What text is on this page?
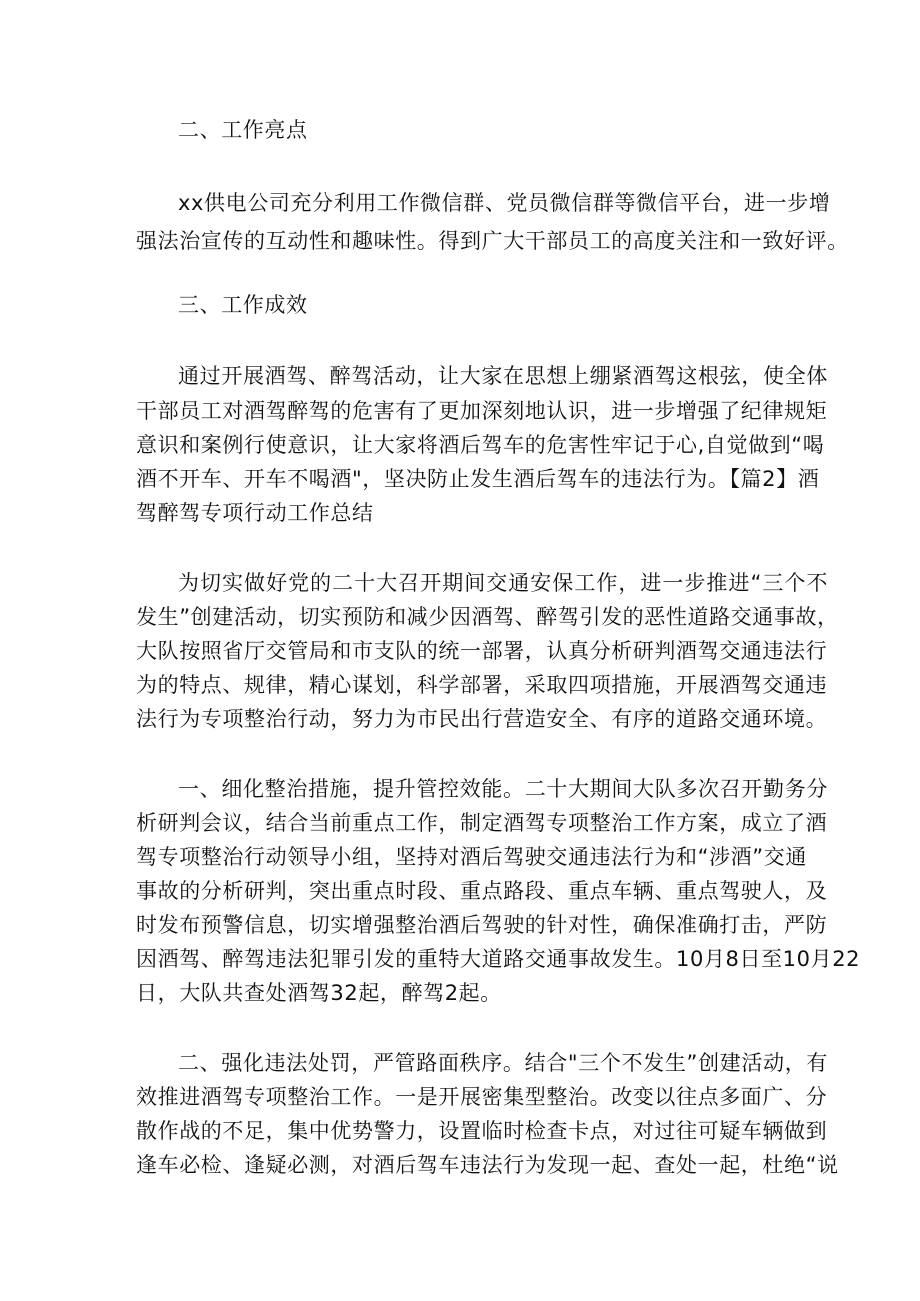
二、工作亮点
xx供电公司充分利用工作微信群、党员微信群等微信平台，进一步增
强法治宣传的互动性和趣味性。得到广大干部员工的高度关注和一致好评。
三、工作成效
通过开展酒驾、醉驾活动，让大家在思想上绷紧酒驾这根弦，使全体
干部员工对酒驾醉驾的危害有了更加深刻地认识，进一步增强了纪律规矩
意识和案例行使意识，让大家将酒后驾车的危害性牢记于心,自觉做到“喝
酒不开车、开车不喝酒"，坚决防止发生酒后驾车的违法行为。【篇2】酒
驾醉驾专项行动工作总结
为切实做好党的二十大召开期间交通安保工作，进一步推进“三个不
发生”创建活动，切实预防和减少因酒驾、醉驾引发的恶性道路交通事故，
大队按照省厅交管局和市支队的统一部署，认真分析研判酒驾交通违法行
为的特点、规律，精心谋划，科学部署，采取四项措施，开展酒驾交通违
法行为专项整治行动，努力为市民出行营造安全、有序的道路交通环境。
一、细化整治措施，提升管控效能。二十大期间大队多次召开勤务分
析研判会议，结合当前重点工作，制定酒驾专项整治工作方案，成立了酒
驾专项整治行动领导小组，坚持对酒后驾驶交通违法行为和“涉酒”交通
事故的分析研判，突出重点时段、重点路段、重点车辆、重点驾驶人，及
时发布预警信息，切实增强整治酒后驾驶的针对性，确保准确打击，严防
因酒驾、醉驾违法犯罪引发的重特大道路交通事故发生。10月8日至10月22
日，大队共查处酒驾32起，醉驾2起。
二、强化违法处罚，严管路面秩序。结合"三个不发生”创建活动，有
效推进酒驾专项整治工作。一是开展密集型整治。改变以往点多面广、分
散作战的不足，集中优势警力，设置临时检查卡点，对过往可疑车辆做到
逢车必检、逢疑必测，对酒后驾车违法行为发现一起、查处一起，杜绝“说
